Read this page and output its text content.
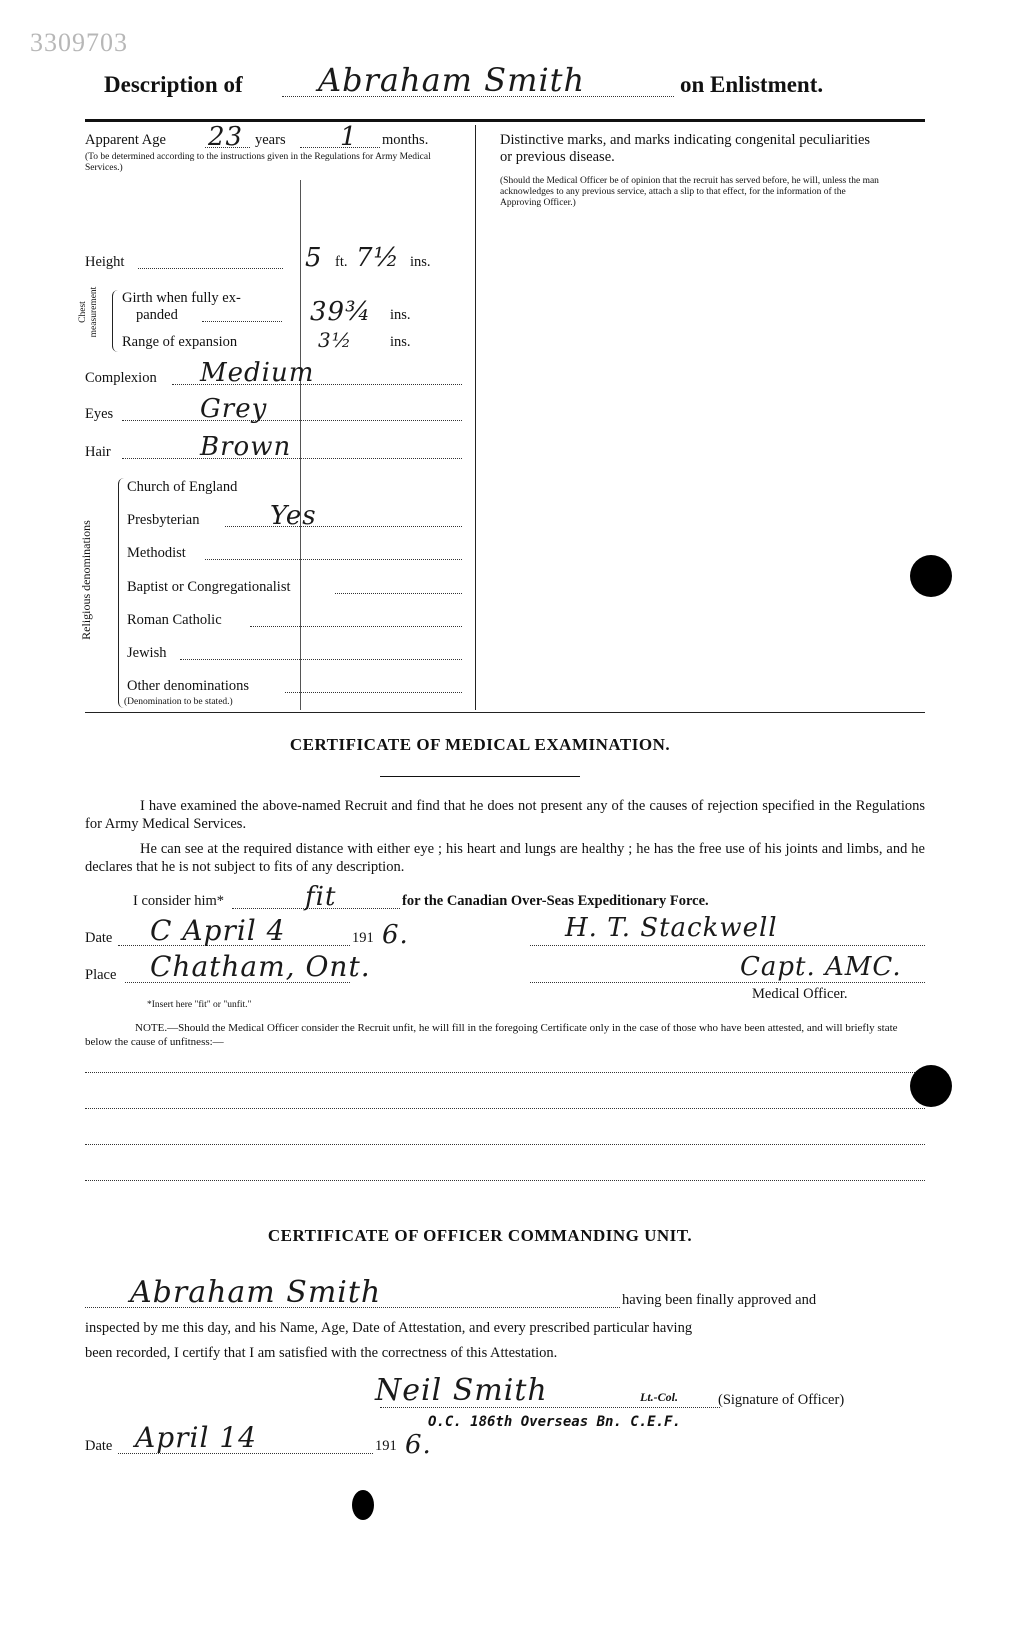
3309703
Description of Abraham Smith	on Enlistment.
Apparent Age 23 years 1 months.
(To be determined according to the instructions given in the Regulations for Army Medical Services.)
Height	5 ft. 7½ ins.
Chest measurement Girth when fully ex-
panded	39¾ ins.
Range of expansion	3½	ins.
Complexion Medium
Eyes	Grey
Hair	Brown
Religious denominations
Church of England
Presbyterian	Yes
Methodist
Baptist or Congregationalist
Roman Catholic
Jewish
Other denominations
(Denomination to be stated.)
Distinctive marks, and marks indicating congenital peculiarities or previous disease.
(Should the Medical Officer be of opinion that the recruit has served before, he will, unless the man acknowledges to any previous service, attach a slip to that effect, for the information of the Approving Officer.)
CERTIFICATE OF MEDICAL EXAMINATION.
I have examined the above-named Recruit and find that he does not present any of the causes of rejection specified in the Regulations for Army Medical Services.
He can see at the required distance with either eye ; his heart and lungs are healthy ; he has the free use of his joints and limbs, and he declares that he is not subject to fits of any description.
I consider him*	fit	for the Canadian Over-Seas Expeditionary Force.
Date C April 4	191 6.	H. T. Stackwell
Place Chatham, Ont.	Capt. AMC.
Medical Officer.
*Insert here "fit" or "unfit."
NOTE.—Should the Medical Officer consider the Recruit unfit, he will fill in the foregoing Certificate only in the case of those who have been attested, and will briefly state below the cause of unfitness:—
CERTIFICATE OF OFFICER COMMANDING UNIT.
Abraham Smith	having been finally approved and
inspected by me this day, and his Name, Age, Date of Attestation, and every prescribed particular having
been recorded, I certify that I am satisfied with the correctness of this Attestation.
Neil Smith	Lt.-Col.	(Signature of Officer)
O.C. 186th Overseas Bn. C.E.F.
Date April 14	191 6.
